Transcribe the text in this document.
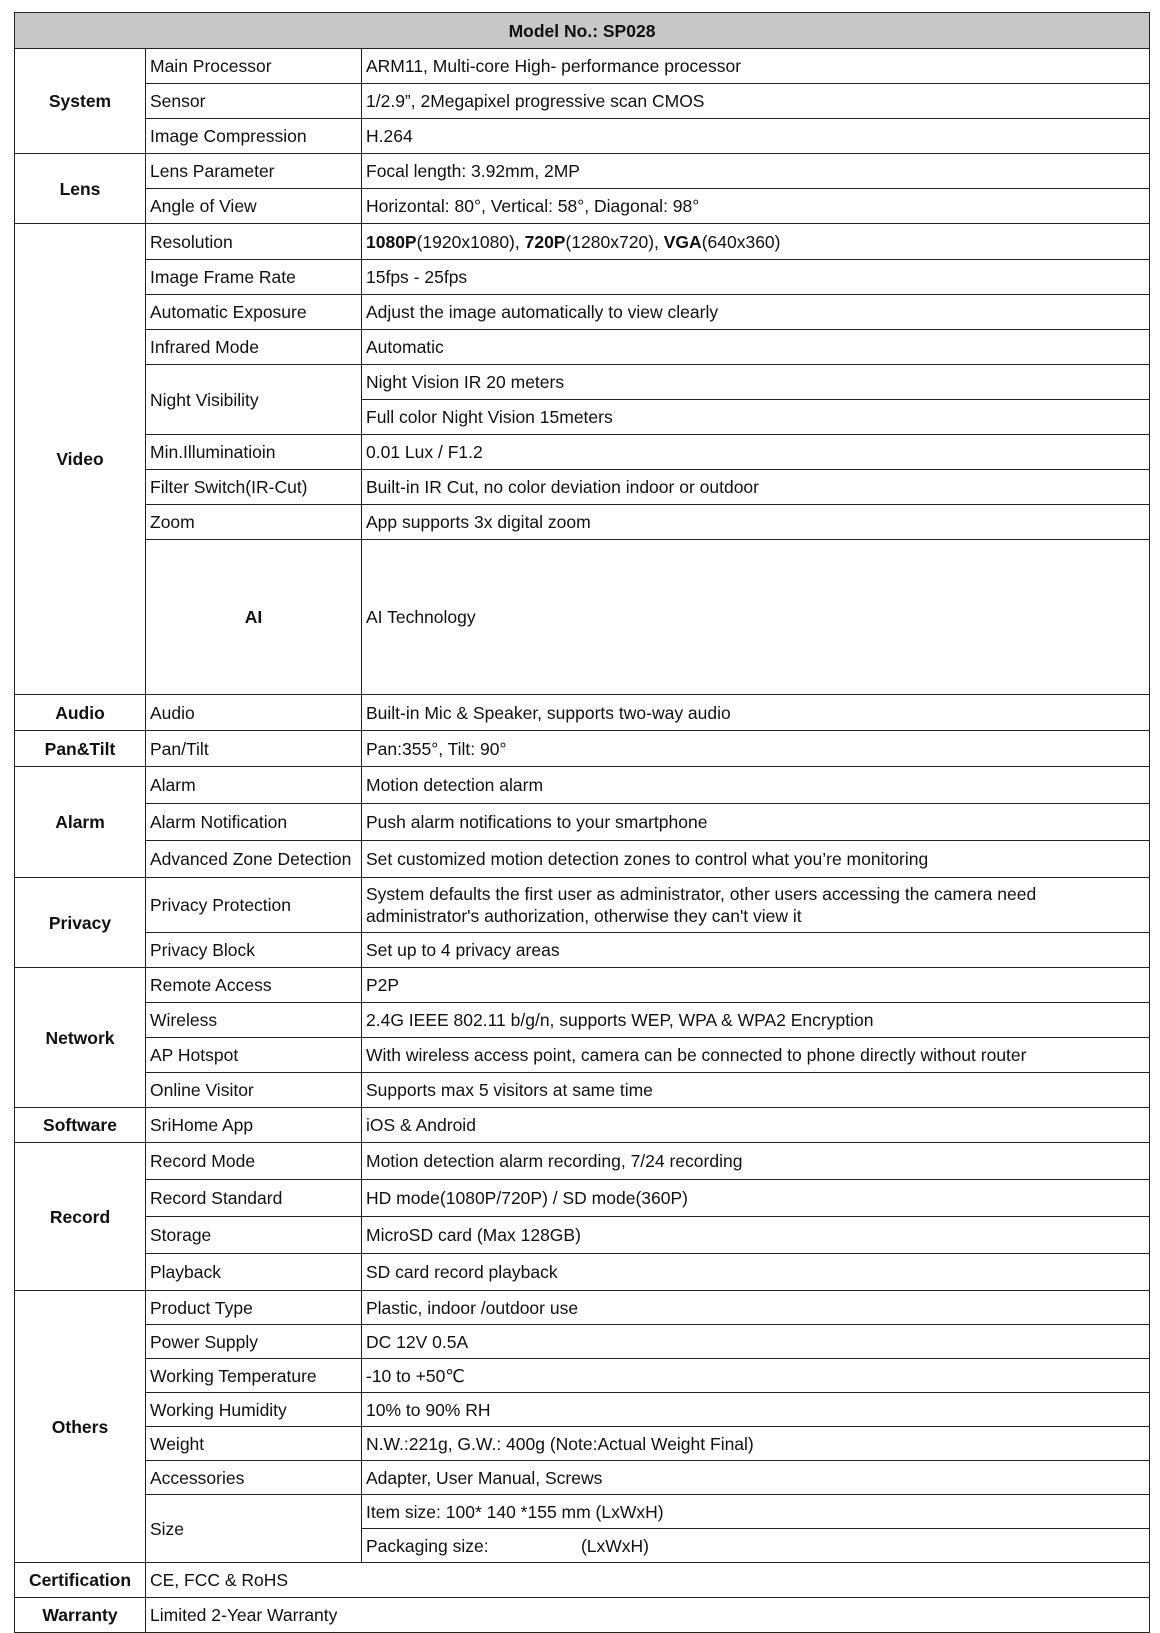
Model No.: SP028			
System	Main Processor	ARM11, Multi-core High- performance processor	
	Sensor	1/2.9”, 2Megapixel progressive scan CMOS	
	Image Compression	H.264	
Lens	Lens Parameter	Focal length: 3.92mm, 2MP	
	Angle of View	Horizontal: 80°, Vertical: 58°, Diagonal: 98°	
Video	Resolution	1080P(1920x1080), 720P(1280x720), VGA(640x360)	
	Image Frame Rate	15fps - 25fps	
	Automatic Exposure	Adjust the image automatically to view clearly	
	Infrared Mode	Automatic	
	Night Visibility	Night Vision IR 20 meters	
		Full color Night Vision 15meters	
	Min.Illuminatioin	0.01 Lux / F1.2	
	Filter Switch(IR-Cut)	Built-in IR Cut, no color deviation indoor or outdoor	
	Zoom	App supports 3x digital zoom	
	AI	AI Technology	
Audio	Audio	Built-in Mic & Speaker, supports two-way audio	
Pan&Tilt	Pan/Tilt	Pan:355°, Tilt: 90°	
Alarm	Alarm	Motion detection alarm	
	Alarm Notification	Push alarm notifications to your smartphone	
	Advanced Zone Detection	Set customized motion detection zones to control what you’re monitoring	
Privacy	Privacy Protection	System defaults the first user as administrator, other users accessing the camera need administrator's authorization, otherwise they can't view it	
	Privacy Block	Set up to 4 privacy areas	
Network	Remote Access	P2P	
	Wireless	2.4G IEEE 802.11 b/g/n, supports WEP, WPA & WPA2 Encryption	
	AP Hotspot	With wireless access point, camera can be connected to phone directly without router	
	Online Visitor	Supports max 5 visitors at same time	
Software	SriHome App	iOS & Android	
Record	Record Mode	Motion detection alarm recording, 7/24 recording	
	Record Standard	HD mode(1080P/720P) / SD mode(360P)	
	Storage	MicroSD card (Max 128GB)	
	Playback	SD card record playback	
Others	Product Type	Plastic, indoor /outdoor use	
	Power Supply	DC 12V 0.5A	
	Working Temperature	-10 to +50℃	
	Working Humidity	10% to 90% RH	
	Weight	N.W.:221g, G.W.: 400g (Note:Actual Weight Final)	
	Accessories	Adapter, User Manual, Screws	
	Size	Item size: 100* 140 *155 mm (LxWxH)	
		Packaging size:                   (LxWxH)	
Certification	CE, FCC & RoHS		
Warranty	Limited 2-Year Warranty		
